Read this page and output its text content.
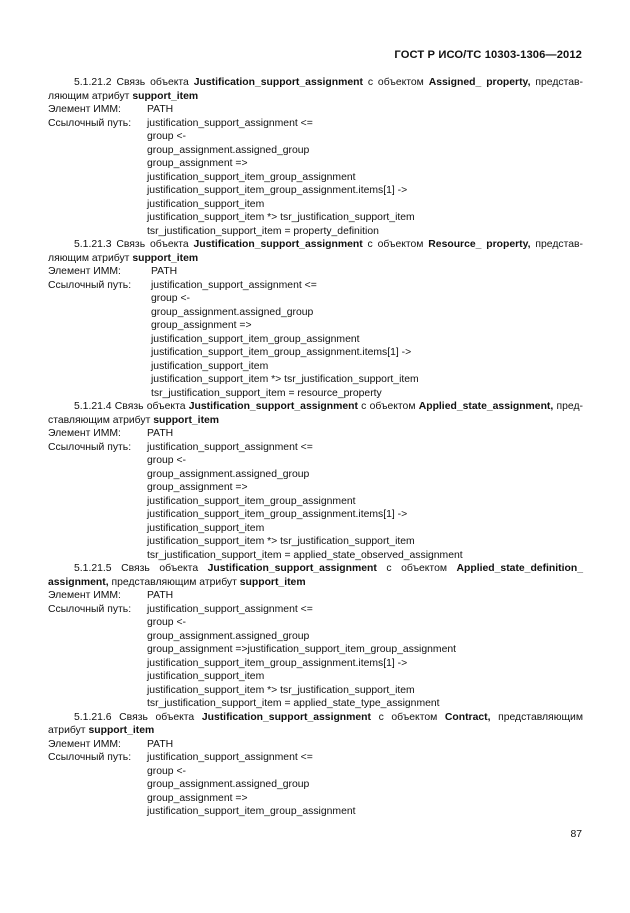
ГОСТ Р ИСО/ТС 10303-1306—2012
5.1.21.2 Связь объекта Justification_support_assignment с объектом Assigned_ property, представ-ляющим атрибут support_item
Элемент ИММ:	PATH
Ссылочный путь:	justification_support_assignment <=
group <-
group_assignment.assigned_group
group_assignment =>
justification_support_item_group_assignment
justification_support_item_group_assignment.items[1] ->
justification_support_item
justification_support_item *> tsr_justification_support_item
tsr_justification_support_item = property_definition
5.1.21.3 Связь объекта Justification_support_assignment с объектом Resource_ property, представ-ляющим атрибут support_item
Элемент ИММ:	PATH
Ссылочный путь:	justification_support_assignment <=
group <-
group_assignment.assigned_group
group_assignment =>
justification_support_item_group_assignment
justification_support_item_group_assignment.items[1] ->
justification_support_item
justification_support_item *> tsr_justification_support_item
tsr_justification_support_item = resource_property
5.1.21.4 Связь объекта Justification_support_assignment с объектом Applied_state_assignment, пред-ставляющим атрибут support_item
Элемент ИММ:	PATH
Ссылочный путь:	justification_support_assignment <=
group <-
group_assignment.assigned_group
group_assignment =>
justification_support_item_group_assignment
justification_support_item_group_assignment.items[1] ->
justification_support_item
justification_support_item *> tsr_justification_support_item
tsr_justification_support_item = applied_state_observed_assignment
5.1.21.5 Связь объекта Justification_support_assignment с объектом Applied_state_definition_ assignment, представляющим атрибут support_item
Элемент ИММ:	PATH
Ссылочный путь:	justification_support_assignment <=
group <-
group_assignment.assigned_group
group_assignment =>justification_support_item_group_assignment
justification_support_item_group_assignment.items[1] ->
justification_support_item
justification_support_item *> tsr_justification_support_item
tsr_justification_support_item = applied_state_type_assignment
5.1.21.6 Связь объекта Justification_support_assignment с объектом Contract, представляющим атрибут support_item
Элемент ИММ:	PATH
Ссылочный путь:	justification_support_assignment <=
group <-
group_assignment.assigned_group
group_assignment =>
justification_support_item_group_assignment
87
